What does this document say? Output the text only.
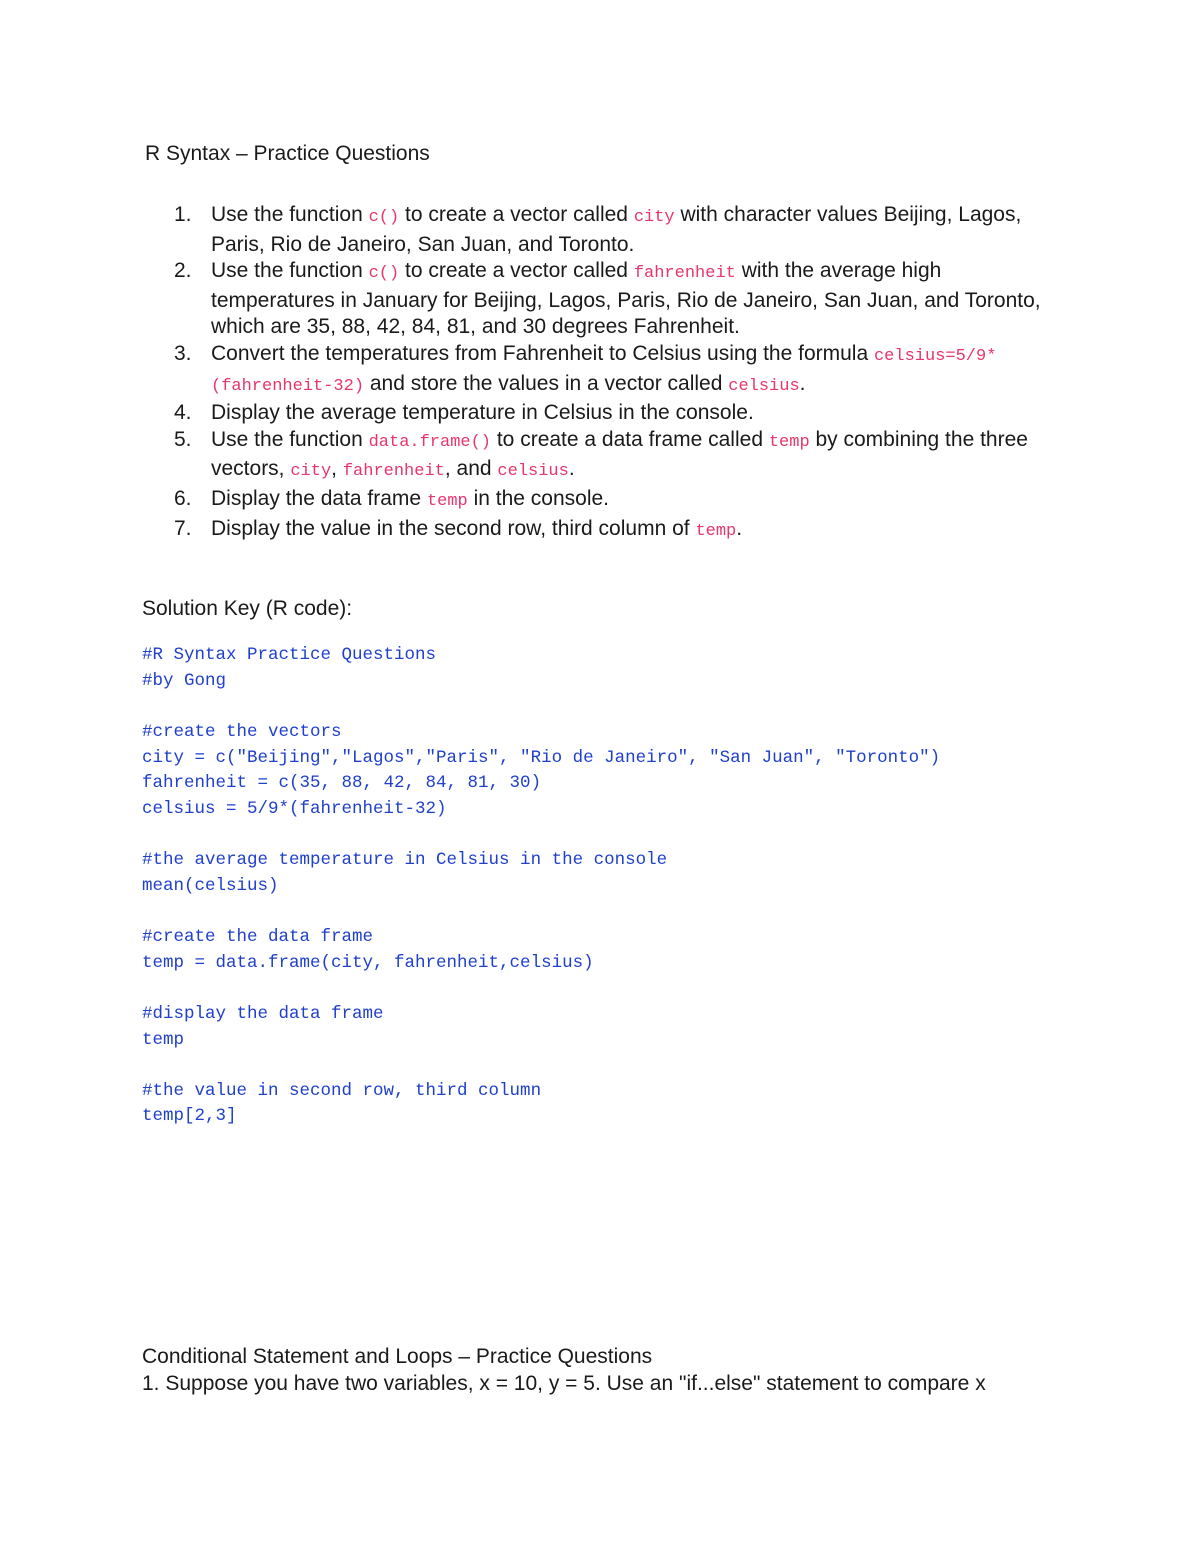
R Syntax – Practice Questions
1. Use the function c() to create a vector called city with character values Beijing, Lagos, Paris, Rio de Janeiro, San Juan, and Toronto.
2. Use the function c() to create a vector called fahrenheit with the average high temperatures in January for Beijing, Lagos, Paris, Rio de Janeiro, San Juan, and Toronto, which are 35, 88, 42, 84, 81, and 30 degrees Fahrenheit.
3. Convert the temperatures from Fahrenheit to Celsius using the formula celsius=5/9*(fahrenheit-32) and store the values in a vector called celsius.
4. Display the average temperature in Celsius in the console.
5. Use the function data.frame() to create a data frame called temp by combining the three vectors, city, fahrenheit, and celsius.
6. Display the data frame temp in the console.
7. Display the value in the second row, third column of temp.
Solution Key (R code):
#R Syntax Practice Questions
#by Gong
#create the vectors
city = c("Beijing","Lagos","Paris", "Rio de Janeiro", "San Juan", "Toronto")
fahrenheit = c(35, 88, 42, 84, 81, 30)
celsius = 5/9*(fahrenheit-32)
#the average temperature in Celsius in the console
mean(celsius)
#create the data frame
temp = data.frame(city, fahrenheit,celsius)
#display the data frame
temp
#the value in second row, third column
temp[2,3]
Conditional Statement and Loops – Practice Questions
1. Suppose you have two variables, x = 10, y = 5. Use an "if...else" statement to compare x
